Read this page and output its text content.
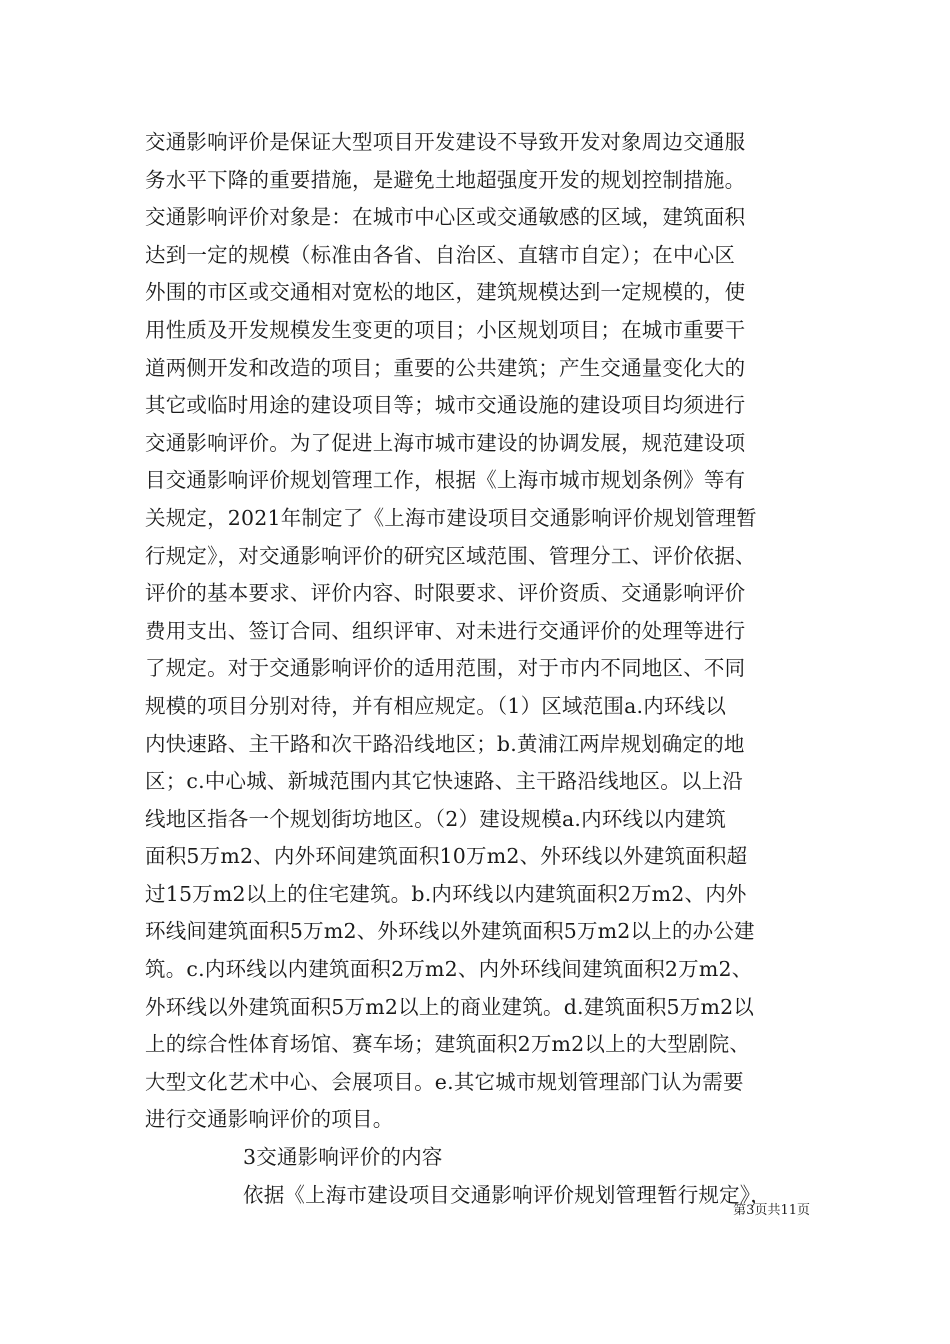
交通影响评价是保证大型项目开发建设不导致开发对象周边交通服
务水平下降的重要措施，是避免土地超强度开发的规划控制措施。
交通影响评价对象是：在城市中心区或交通敏感的区域，建筑面积
达到一定的规模（标准由各省、自治区、直辖市自定）；在中心区
外围的市区或交通相对宽松的地区，建筑规模达到一定规模的，使
用性质及开发规模发生变更的项目；小区规划项目；在城市重要干
道两侧开发和改造的项目；重要的公共建筑；产生交通量变化大的
其它或临时用途的建设项目等；城市交通设施的建设项目均须进行
交通影响评价。为了促进上海市城市建设的协调发展，规范建设项
目交通影响评价规划管理工作，根据《上海市城市规划条例》等有
关规定，2021年制定了《上海市建设项目交通影响评价规划管理暂
行规定》，对交通影响评价的研究区域范围、管理分工、评价依据、
评价的基本要求、评价内容、时限要求、评价资质、交通影响评价
费用支出、签订合同、组织评审、对未进行交通评价的处理等进行
了规定。对于交通影响评价的适用范围，对于市内不同地区、不同
规模的项目分别对待，并有相应规定。（1）区域范围a.内环线以
内快速路、主干路和次干路沿线地区；b.黄浦江两岸规划确定的地
区；c.中心城、新城范围内其它快速路、主干路沿线地区。以上沿
线地区指各一个规划街坊地区。（2）建设规模a.内环线以内建筑
面积5万m2、内外环间建筑面积10万m2、外环线以外建筑面积超
过15万m2以上的住宅建筑。b.内环线以内建筑面积2万m2、内外
环线间建筑面积5万m2、外环线以外建筑面积5万m2以上的办公建
筑。c.内环线以内建筑面积2万m2、内外环线间建筑面积2万m2、
外环线以外建筑面积5万m2以上的商业建筑。d.建筑面积5万m2以
上的综合性体育场馆、赛车场；建筑面积2万m2以上的大型剧院、
大型文化艺术中心、会展项目。e.其它城市规划管理部门认为需要
进行交通影响评价的项目。
3交通影响评价的内容
依据《上海市建设项目交通影响评价规划管理暂行规定》，
第3页共11页
